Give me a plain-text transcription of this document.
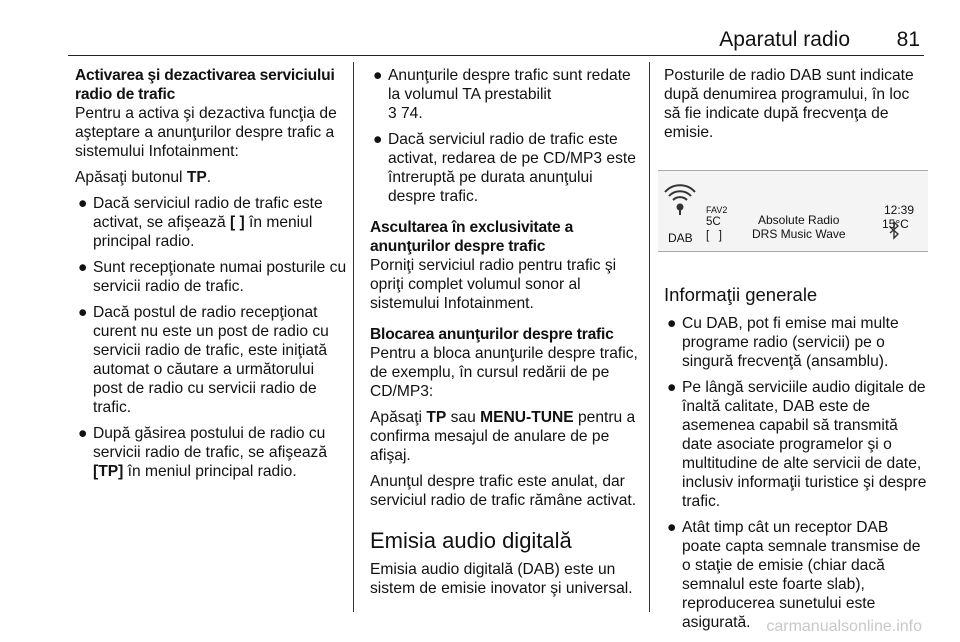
Aparatul radio 81

Activarea şi dezactivarea serviciului radio de trafic

Pentru a activa şi dezactiva funcţia de aşteptare a anunţurilor despre trafic a sistemului Infotainment:

Apăsaţi butonul TP.

● Dacă serviciul radio de trafic este activat, se afişează [ ] în meniul principal radio.
● Sunt recepţionate numai posturile cu servicii radio de trafic.
● Dacă postul de radio recepţionat curent nu este un post de radio cu servicii radio de trafic, este iniţiată automat o căutare a următorului post de radio cu servicii radio de trafic.
● După găsirea postului de radio cu servicii radio de trafic, se afişează [TP] în meniul principal radio.
● Anunţurile despre trafic sunt redate la volumul TA prestabilit
3 74.
● Dacă serviciul radio de trafic este activat, redarea de pe CD/MP3 este întreruptă pe durata anunţului despre trafic.

Ascultarea în exclusivitate a anunţurilor despre trafic

Porniţi serviciul radio pentru trafic şi opriţi complet volumul sonor al sistemului Infotainment.

Blocarea anunţurilor despre trafic

Pentru a bloca anunţurile despre trafic, de exemplu, în cursul redării de pe CD/MP3:

Apăsaţi TP sau MENU-TUNE pentru a confirma mesajul de anulare de pe afişaj.

Anunţul despre trafic este anulat, dar serviciul radio de trafic rămâne activat.

Emisia audio digitală

Emisia audio digitală (DAB) este un sistem de emisie inovator şi universal.

Posturile de radio DAB sunt indicate după denumirea programului, în loc să fie indicate după frecvenţa de emisie.

DAB
FAV2
5C
[   ]
Absolute Radio
DRS Music Wave
12:39
15°C
Informaţii generale
● Cu DAB, pot fi emise mai multe programe radio (servicii) pe o singură frecvenţă (ansamblu).
● Pe lângă serviciile audio digitale de înaltă calitate, DAB este de asemenea capabil să transmită date asociate programelor şi o multitudine de alte servicii de date, inclusiv informaţii turistice şi despre trafic.
● Atât timp cât un receptor DAB poate capta semnale transmise de o staţie de emisie (chiar dacă semnalul este foarte slab), reproducerea sunetului este asigurată. carmanualsonline.info
